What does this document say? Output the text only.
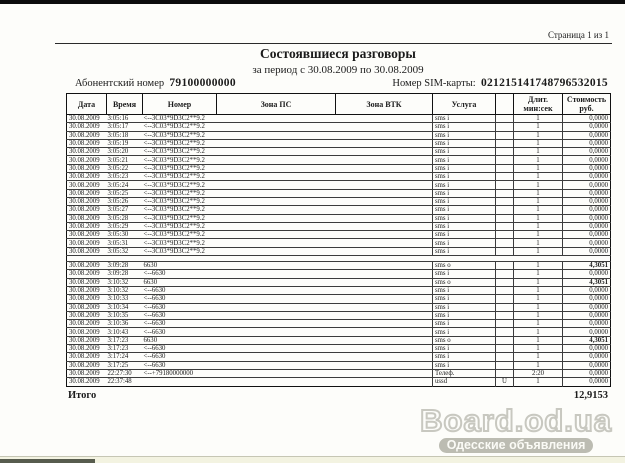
Страница 1 из 1
Состоявшиеся разговоры
за период с 30.08.2009 по 30.08.2009
Абонентский номер 79100000000	Номер SIM-карты: 021215141748796532015
Дата	Время	Номер	Зона ПС	Зона ВТК	Услуга		Длит.
мин:сек	Стоимость
руб.
30.08.2009	3:05:16	<--3C03*9D3C2**9.2			sms i		1	0,0000
30.08.2009	3:05:17	<--3C03*9D3C2**9.2			sms i		1	0,0000
30.08.2009	3:05:18	<--3C03*9D3C2**9.2			sms i		1	0,0000
30.08.2009	3:05:19	<--3C03*9D3C2**9.2			sms i		1	0,0000
30.08.2009	3:05:20	<--3C03*9D3C2**9.2			sms i		1	0,0000
30.08.2009	3:05:21	<--3C03*9D3C2**9.2			sms i		1	0,0000
30.08.2009	3:05:22	<--3C03*9D3C2**9.2			sms i		1	0,0000
30.08.2009	3:05:23	<--3C03*9D3C2**9.2			sms i		1	0,0000
30.08.2009	3:05:24	<--3C03*9D3C2**9.2			sms i		1	0,0000
30.08.2009	3:05:25	<--3C03*9D3C2**9.2			sms i		1	0,0000
30.08.2009	3:05:26	<--3C03*9D3C2**9.2			sms i		1	0,0000
30.08.2009	3:05:27	<--3C03*9D3C2**9.2			sms i		1	0,0000
30.08.2009	3:05:28	<--3C03*9D3C2**9.2			sms i		1	0,0000
30.08.2009	3:05:29	<--3C03*9D3C2**9.2			sms i		1	0,0000
30.08.2009	3:05:30	<--3C03*9D3C2**9.2			sms i		1	0,0000
30.08.2009	3:05:31	<--3C03*9D3C2**9.2			sms i		1	0,0000
30.08.2009	3:05:32	<--3C03*9D3C2**9.2			sms i		1	0,0000

30.08.2009	3:09:28	6630			sms o		1	4,3051
30.08.2009	3:09:28	<--6630			sms i		1	0,0000
30.08.2009	3:10:32	6630			sms o		1	4,3051
30.08.2009	3:10:32	<--6630			sms i		1	0,0000
30.08.2009	3:10:33	<--6630			sms i		1	0,0000
30.08.2009	3:10:34	<--6630			sms i		1	0,0000
30.08.2009	3:10:35	<--6630			sms i		1	0,0000
30.08.2009	3:10:36	<--6630			sms i		1	0,0000
30.08.2009	3:10:43	<--6630			sms i		1	0,0000
30.08.2009	3:17:23	6630			sms o		1	4,3051
30.08.2009	3:17:23	<--6630			sms i		1	0,0000
30.08.2009	3:17:24	<--6630			sms i		1	0,0000
30.08.2009	3:17:25	<--6630			sms i		1	0,0000
30.08.2009	22:27:30	<--+79180000000			Телеф.		2:20	0,0000
30.08.2009	22:37:48				ussd	U	1	0,0000
Итого	12,9153
Board.od.ua
Одесские объявления
